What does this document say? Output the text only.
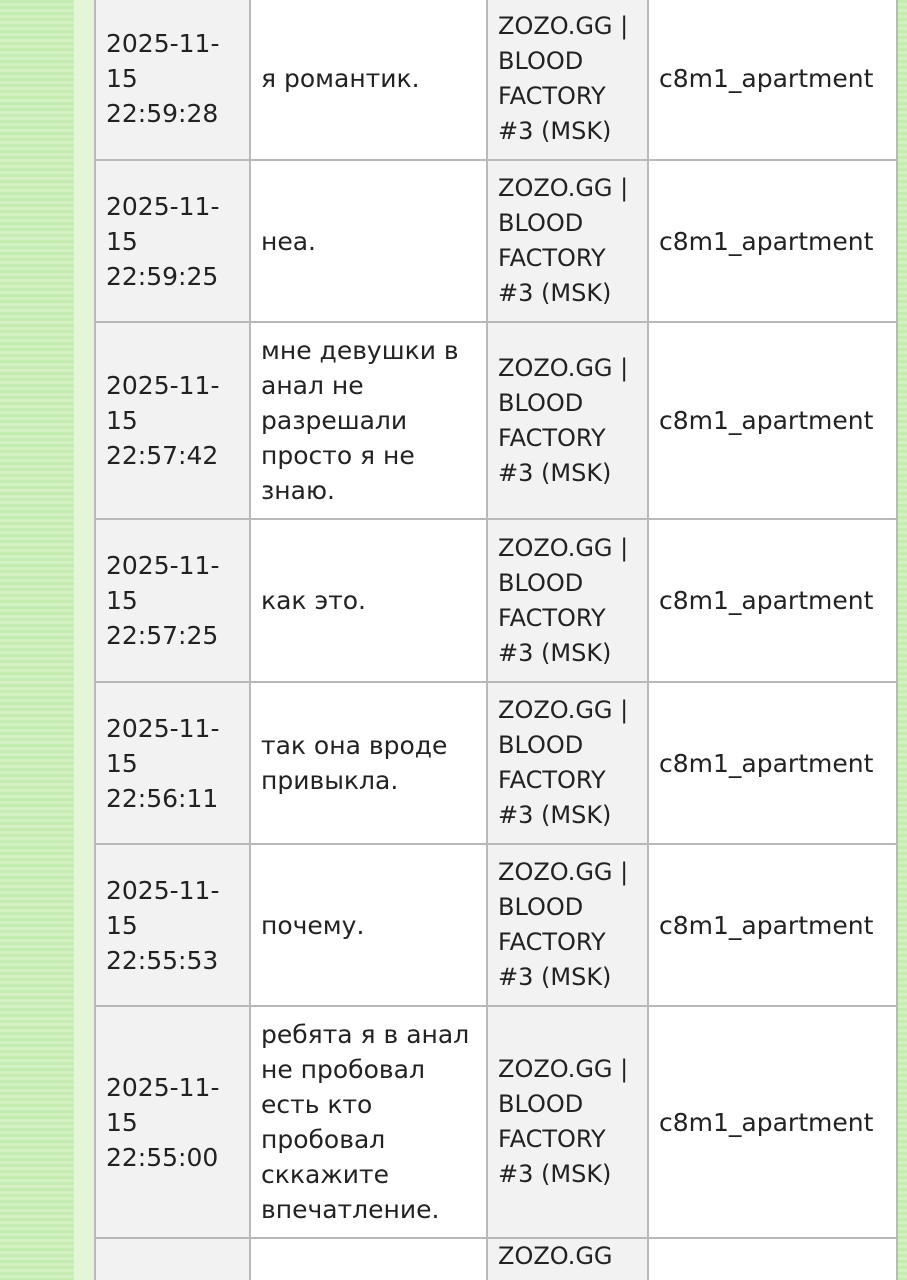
2025-11-15 22:59:28	я романтик.	ZOZO.GG | BLOOD FACTORY #3 (MSK)	c8m1_apartment
2025-11-15 22:59:25	неа.	ZOZO.GG | BLOOD FACTORY #3 (MSK)	c8m1_apartment
2025-11-15 22:57:42	мне девушки в анал не разрешали просто я не знаю.	ZOZO.GG | BLOOD FACTORY #3 (MSK)	c8m1_apartment
2025-11-15 22:57:25	как это.	ZOZO.GG | BLOOD FACTORY #3 (MSK)	c8m1_apartment
2025-11-15 22:56:11	так она вроде привыкла.	ZOZO.GG | BLOOD FACTORY #3 (MSK)	c8m1_apartment
2025-11-15 22:55:53	почему.	ZOZO.GG | BLOOD FACTORY #3 (MSK)	c8m1_apartment
2025-11-15 22:55:00	ребята я в анал не пробовал есть кто пробовал сккажите впечатление.	ZOZO.GG | BLOOD FACTORY #3 (MSK)	c8m1_apartment
		ZOZO.GG	
